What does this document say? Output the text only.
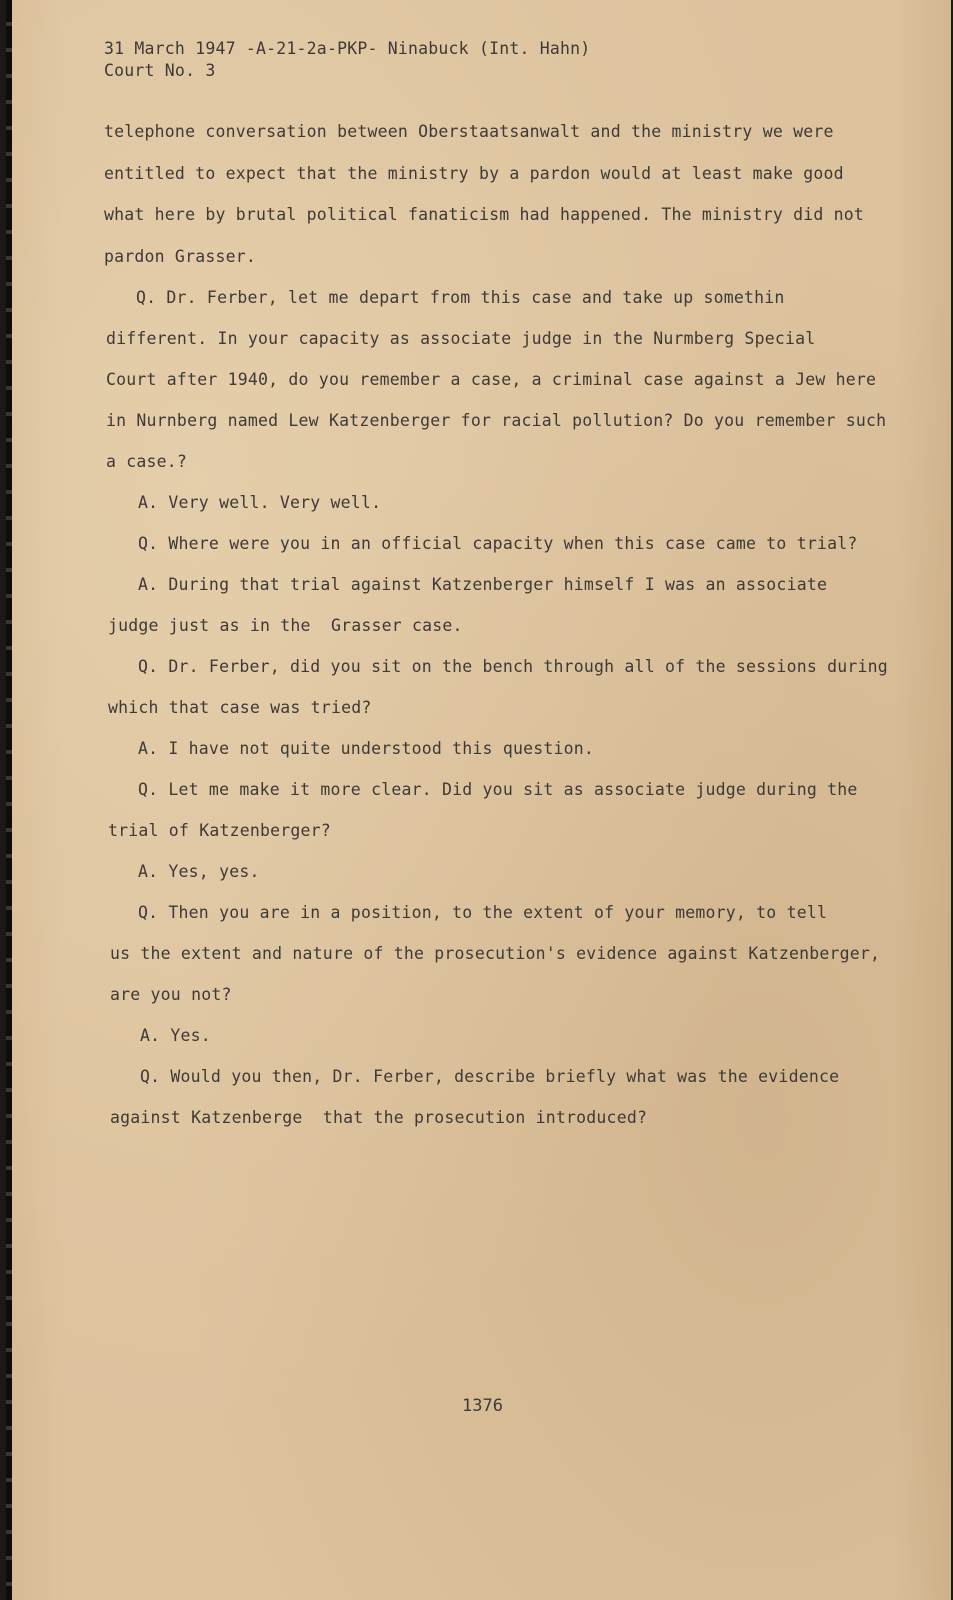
31 March 1947 -A-21-2a-PKP- Ninabuck (Int. Hahn)
Court No. 3
telephone conversation between Oberstaatsanwalt and the ministry we were
entitled to expect that the ministry by a pardon would at least make good
what here by brutal political fanaticism had happened. The ministry did not
pardon Grasser.
Q. Dr. Ferber, let me depart from this case and take up somethin
different. In your capacity as associate judge in the Nurmberg Special
Court after 1940, do you remember a case, a criminal case against a Jew here
in Nurnberg named Lew Katzenberger for racial pollution? Do you remember such
a case.?
A. Very well. Very well.
Q. Where were you in an official capacity when this case came to trial?
A. During that trial against Katzenberger himself I was an associate
judge just as in the  Grasser case.
Q. Dr. Ferber, did you sit on the bench through all of the sessions during
which that case was tried?
A. I have not quite understood this question.
Q. Let me make it more clear. Did you sit as associate judge during the
trial of Katzenberger?
A. Yes, yes.
Q. Then you are in a position, to the extent of your memory, to tell
us the extent and nature of the prosecution's evidence against Katzenberger,
are you not?
A. Yes.
Q. Would you then, Dr. Ferber, describe briefly what was the evidence
against Katzenberge  that the prosecution introduced?
1376
